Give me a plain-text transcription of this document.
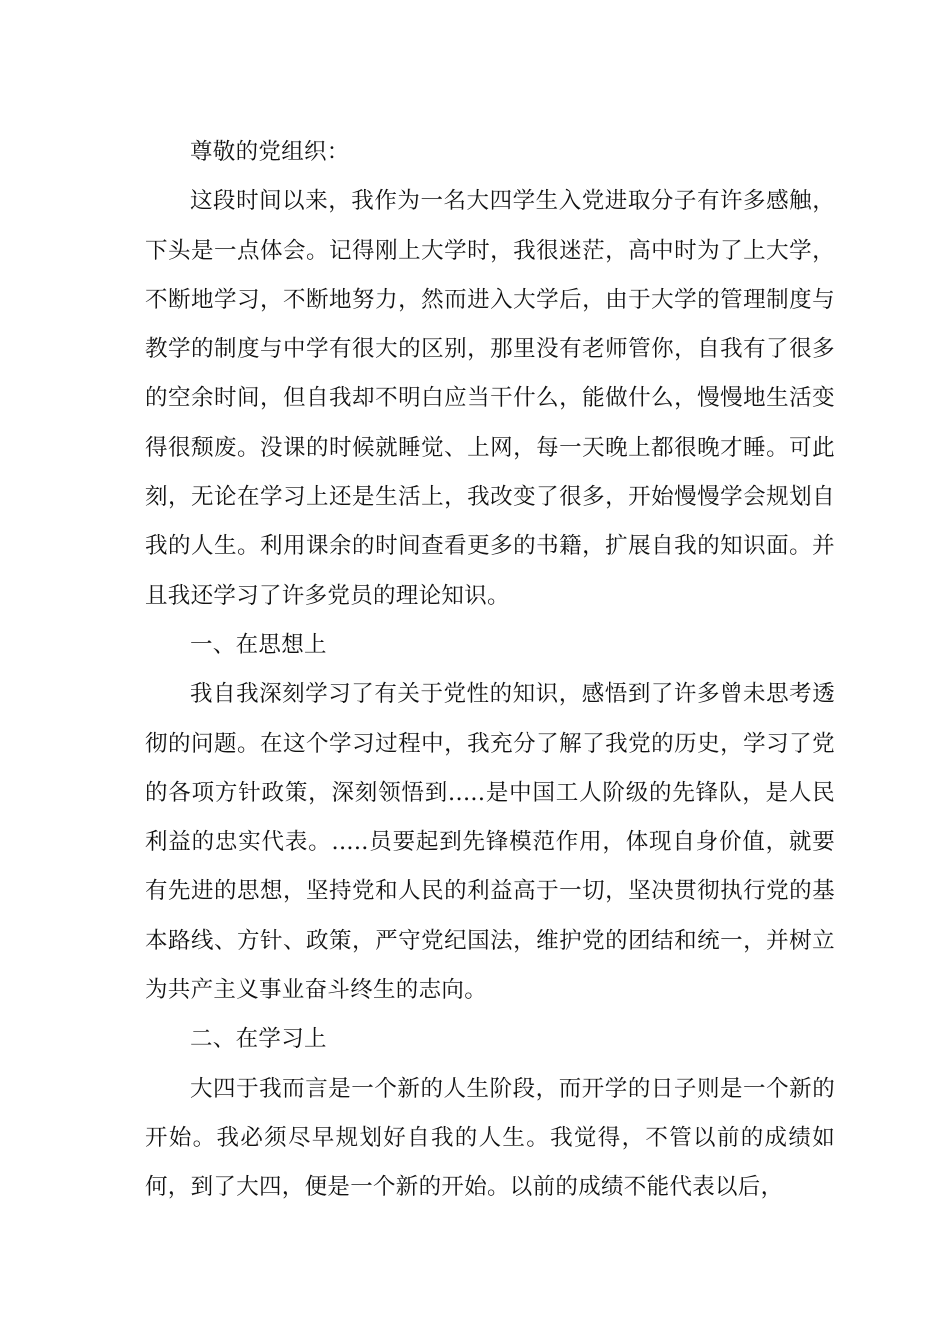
尊敬的党组织：

这段时间以来，我作为一名大四学生入党进取分子有许多感触，下头是一点体会。记得刚上大学时，我很迷茫，高中时为了上大学，不断地学习，不断地努力，然而进入大学后，由于大学的管理制度与教学的制度与中学有很大的区别，那里没有老师管你，自我有了很多的空余时间，但自我却不明白应当干什么，能做什么，慢慢地生活变得很颓废。没课的时候就睡觉、上网，每一天晚上都很晚才睡。可此刻，无论在学习上还是生活上，我改变了很多，开始慢慢学会规划自我的人生。利用课余的时间查看更多的书籍，扩展自我的知识面。并且我还学习了许多党员的理论知识。

一、在思想上

我自我深刻学习了有关于党性的知识，感悟到了许多曾未思考透彻的问题。在这个学习过程中，我充分了解了我党的历史，学习了党的各项方针政策，深刻领悟到.....是中国工人阶级的先锋队，是人民利益的忠实代表。.....员要起到先锋模范作用，体现自身价值，就要有先进的思想，坚持党和人民的利益高于一切，坚决贯彻执行党的基本路线、方针、政策，严守党纪国法，维护党的团结和统一，并树立为共产主义事业奋斗终生的志向。

二、在学习上

大四于我而言是一个新的人生阶段，而开学的日子则是一个新的开始。我必须尽早规划好自我的人生。我觉得，不管以前的成绩如何，到了大四，便是一个新的开始。以前的成绩不能代表以后，
